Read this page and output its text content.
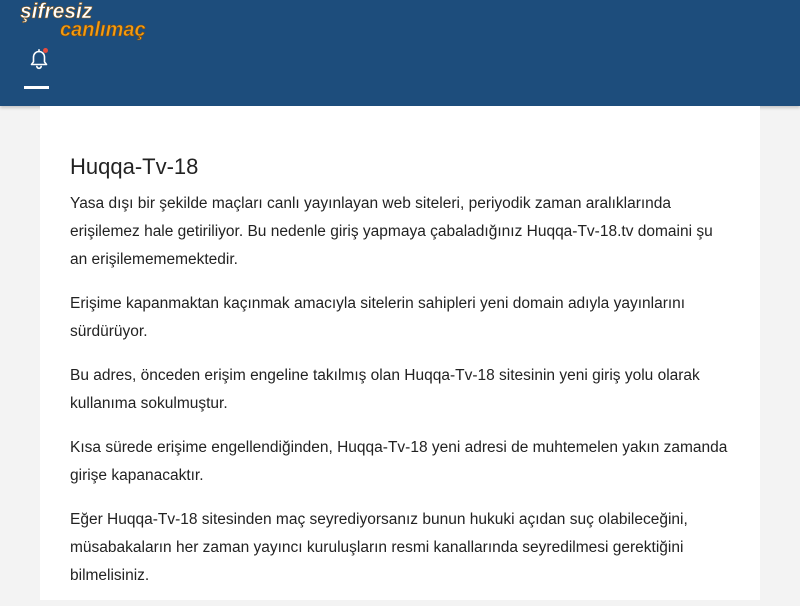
şifresiz
canlımaç
Huqqa-Tv-18

Yasa dışı bir şekilde maçları canlı yayınlayan web siteleri, periyodik zaman aralıklarında erişilemez hale getiriliyor. Bu nedenle giriş yapmaya çabaladığınız Huqqa-Tv-18.tv domaini şu an erişilemememektedir.

Erişime kapanmaktan kaçınmak amacıyla sitelerin sahipleri yeni domain adıyla yayınlarını sürdürüyor.

Bu adres, önceden erişim engeline takılmış olan Huqqa-Tv-18 sitesinin yeni giriş yolu olarak kullanıma sokulmuştur.

Kısa sürede erişime engellendiğinden, Huqqa-Tv-18 yeni adresi de muhtemelen yakın zamanda girişe kapanacaktır.

Eğer Huqqa-Tv-18 sitesinden maç seyrediyorsanız bunun hukuki açıdan suç olabileceğini, müsabakaların her zaman yayıncı kuruluşların resmi kanallarında seyredilmesi gerektiğini bilmelisiniz.
